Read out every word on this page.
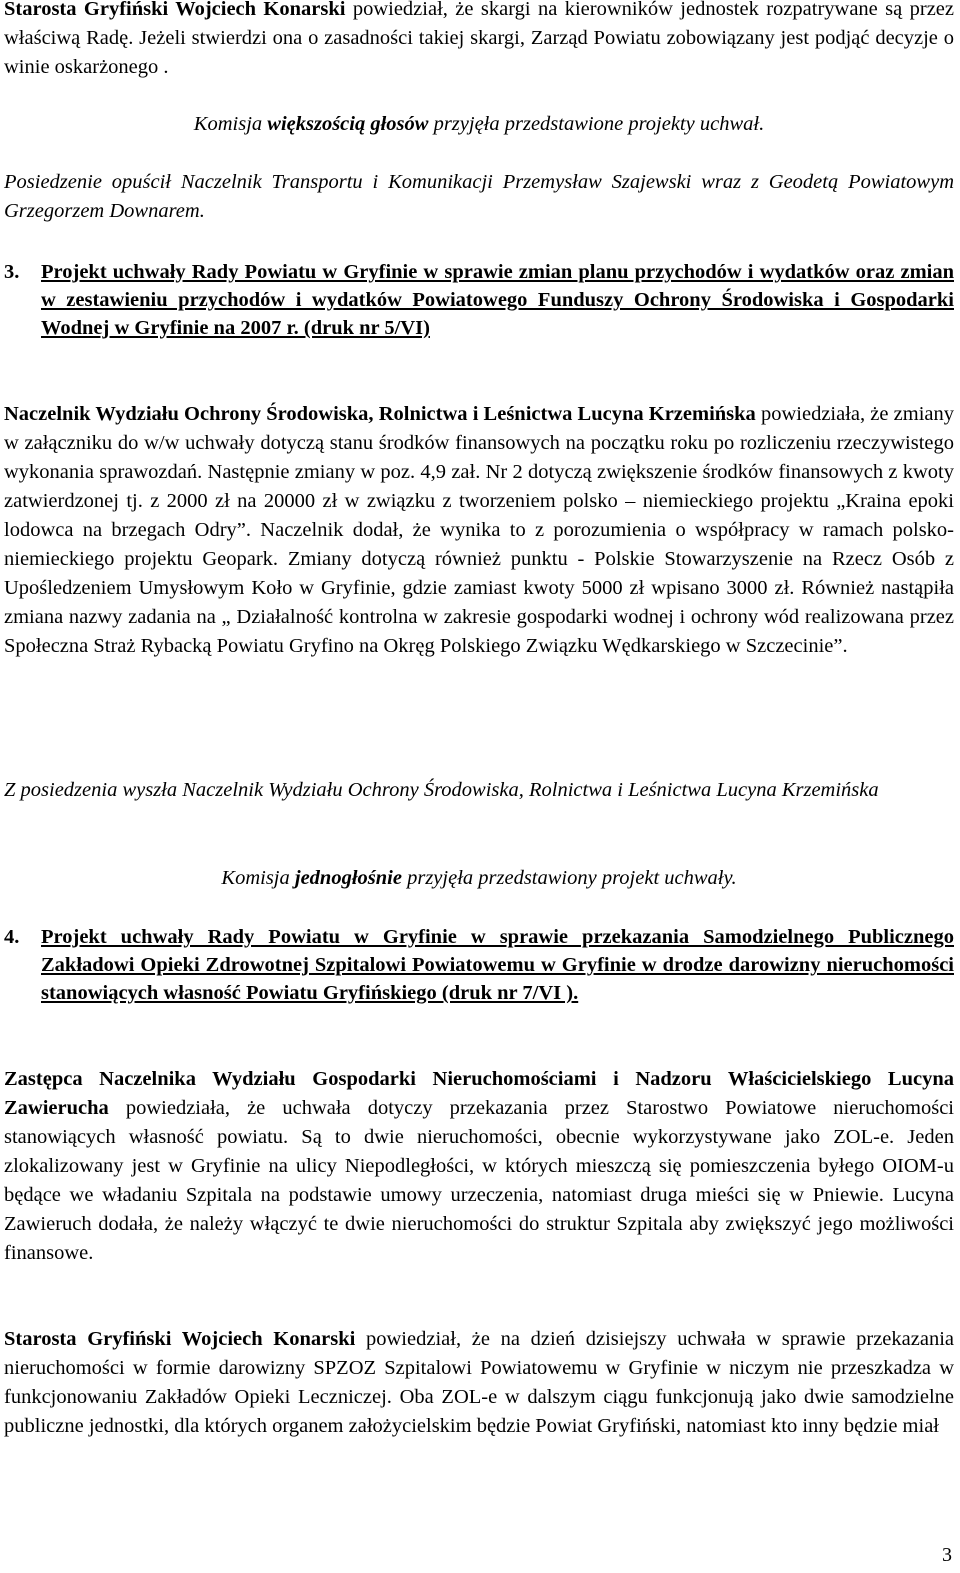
Starosta Gryfiński Wojciech Konarski powiedział, że skargi na kierowników jednostek rozpatrywane są przez właściwą Radę. Jeżeli stwierdzi ona o zasadności takiej skargi, Zarząd Powiatu zobowiązany jest podjąć decyzje o winie oskarżonego .

Komisja większością głosów przyjęła przedstawione projekty uchwał.

Posiedzenie opuścił Naczelnik Transportu i Komunikacji Przemysław Szajewski wraz z Geodetą Powiatowym Grzegorzem Downarem.

3. Projekt uchwały Rady Powiatu w Gryfinie w sprawie zmian planu przychodów i wydatków oraz zmian w zestawieniu przychodów i wydatków Powiatowego Funduszy Ochrony Środowiska i Gospodarki Wodnej w Gryfinie na 2007 r. (druk nr 5/VI)

Naczelnik Wydziału Ochrony Środowiska, Rolnictwa i Leśnictwa Lucyna Krzemińska powiedziała, że zmiany w załączniku do w/w uchwały dotyczą stanu środków finansowych na początku roku po rozliczeniu rzeczywistego wykonania sprawozdań. Następnie zmiany w poz. 4,9 zał. Nr 2 dotyczą zwiększenie środków finansowych z kwoty zatwierdzonej tj. z 2000 zł na 20000 zł w związku z tworzeniem polsko – niemieckiego projektu „Kraina epoki lodowca na brzegach Odry”. Naczelnik dodał, że wynika to z porozumienia o współpracy w ramach polsko-niemieckiego projektu Geopark. Zmiany dotyczą również punktu - Polskie Stowarzyszenie na Rzecz Osób z Upośledzeniem Umysłowym Koło w Gryfinie, gdzie zamiast kwoty 5000 zł wpisano 3000 zł. Również nastąpiła zmiana nazwy zadania na „ Działalność kontrolna w zakresie gospodarki wodnej i ochrony wód realizowana przez Społeczna Straż Rybacką Powiatu Gryfino na Okręg Polskiego Związku Wędkarskiego w Szczecinie”.

Z posiedzenia wyszła Naczelnik Wydziału Ochrony Środowiska, Rolnictwa i Leśnictwa Lucyna Krzemińska

Komisja jednogłośnie przyjęła przedstawiony projekt uchwały.

4. Projekt uchwały Rady Powiatu w Gryfinie w sprawie przekazania Samodzielnego Publicznego Zakładowi Opieki Zdrowotnej Szpitalowi Powiatowemu w Gryfinie w drodze darowizny nieruchomości stanowiących własność Powiatu Gryfińskiego (druk nr 7/VI ).

Zastępca Naczelnika Wydziału Gospodarki Nieruchomościami i Nadzoru Właścicielskiego Lucyna Zawierucha powiedziała, że uchwała dotyczy przekazania przez Starostwo Powiatowe nieruchomości stanowiących własność powiatu. Są to dwie nieruchomości, obecnie wykorzystywane jako ZOL-e. Jeden zlokalizowany jest w Gryfinie na ulicy Niepodległości, w których mieszczą się pomieszczenia byłego OIOM-u będące we władaniu Szpitala na podstawie umowy urzeczenia, natomiast druga mieści się w Pniewie. Lucyna Zawieruch dodała, że należy włączyć te dwie nieruchomości do struktur Szpitala aby zwiększyć jego możliwości finansowe.

Starosta Gryfiński Wojciech Konarski powiedział, że na dzień dzisiejszy uchwała w sprawie przekazania nieruchomości w formie darowizny SPZOZ Szpitalowi Powiatowemu w Gryfinie w niczym nie przeszkadza w funkcjonowaniu Zakładów Opieki Leczniczej. Oba ZOL-e w dalszym ciągu funkcjonują jako dwie samodzielne publiczne jednostki, dla których organem założycielskim będzie Powiat Gryfiński, natomiast kto inny będzie miał

3
